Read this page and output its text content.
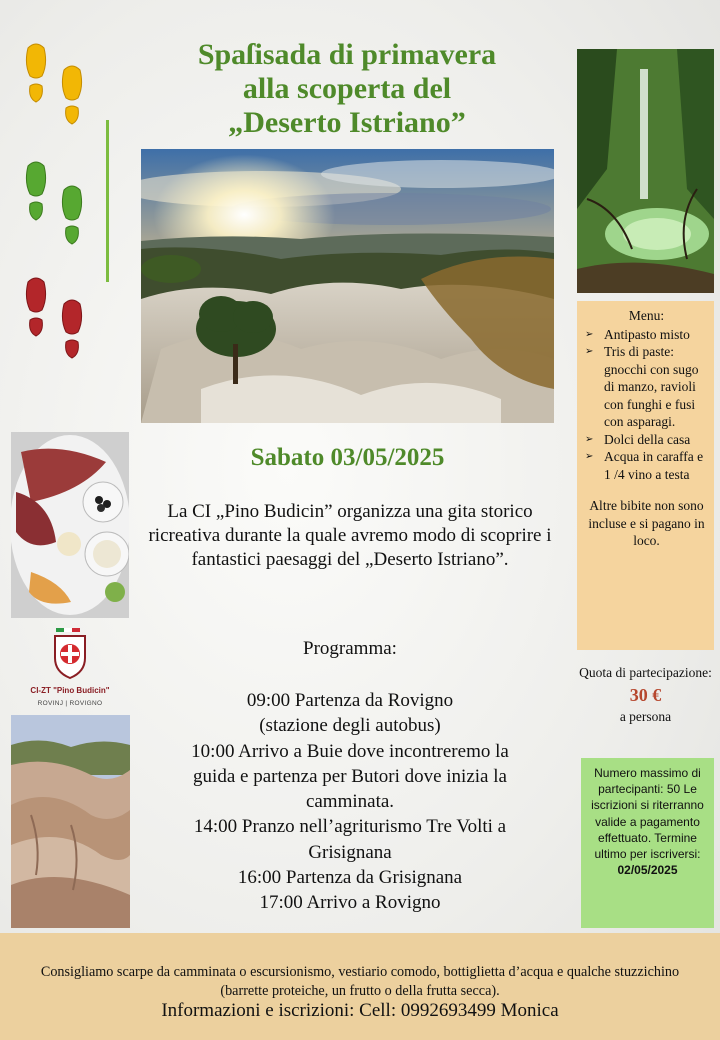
Spaſisada di primavera
alla scoperta del
„Deserto Istriano”
Sabato 03/05/2025
La CI „Pino Budicin” organizza una gita storico ricreativa durante la quale avremo modo di scoprire i fantastici paesaggi del „Deserto Istriano”.
Programma:
09:00 Partenza da Rovigno
(stazione degli autobus)
10:00 Arrivo a Buie dove incontreremo la
guida e partenza per Butori dove inizia la
camminata.
14:00 Pranzo nell’agriturismo Tre Volti a
Grisignana
16:00 Partenza da Grisignana
17:00 Arrivo a Rovigno
CI-ZT "Pino Budicin"
ROVINJ | ROVIGNO
Menu:
➢ Antipasto misto
➢ Tris di paste: gnocchi con sugo di manzo, ravioli con funghi e fusi con asparagi.
➢ Dolci della casa
➢ Acqua in caraffa e 1 /4 vino a testa
Altre bibite non sono incluse e si pagano in loco.
Quota di partecipazione:
30 €
a persona
Numero massimo di partecipanti: 50 Le iscrizioni si riterranno valide a pagamento effettuato. Termine ultimo per iscriversi:
02/05/2025
Consigliamo scarpe da camminata o escursionismo, vestiario comodo, bottiglietta d’acqua e qualche stuzzichino (barrette proteiche, un frutto o della frutta secca).
Informazioni e iscrizioni: Cell: 0992693499 Monica
